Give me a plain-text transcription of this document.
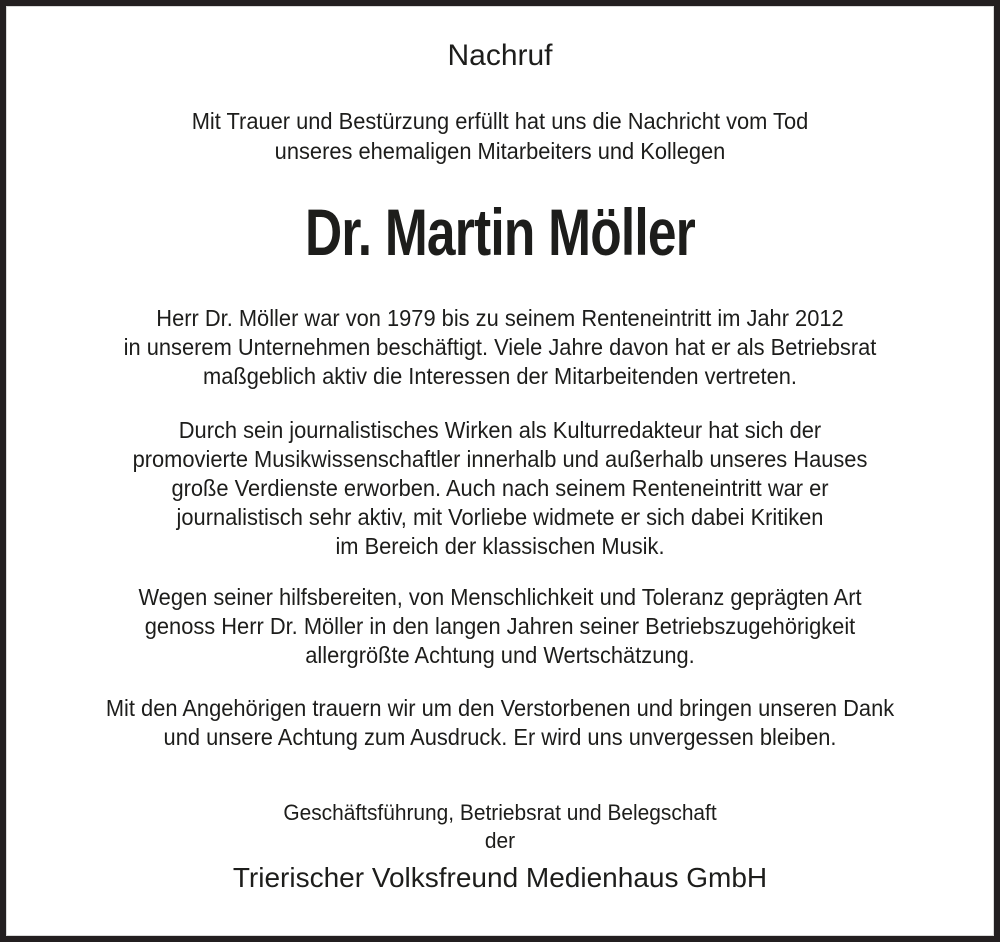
Nachruf

Mit Trauer und Bestürzung erfüllt hat uns die Nachricht vom Tod
unseres ehemaligen Mitarbeiters und Kollegen

Dr. Martin Möller

Herr Dr. Möller war von 1979 bis zu seinem Renteneintritt im Jahr 2012
in unserem Unternehmen beschäftigt. Viele Jahre davon hat er als Betriebsrat
maßgeblich aktiv die Interessen der Mitarbeitenden vertreten.

Durch sein journalistisches Wirken als Kulturredakteur hat sich der
promovierte Musikwissenschaftler innerhalb und außerhalb unseres Hauses
große Verdienste erworben. Auch nach seinem Renteneintritt war er
journalistisch sehr aktiv, mit Vorliebe widmete er sich dabei Kritiken
im Bereich der klassischen Musik.

Wegen seiner hilfsbereiten, von Menschlichkeit und Toleranz geprägten Art
genoss Herr Dr. Möller in den langen Jahren seiner Betriebszugehörigkeit
allergrößte Achtung und Wertschätzung.

Mit den Angehörigen trauern wir um den Verstorbenen und bringen unseren Dank
und unsere Achtung zum Ausdruck. Er wird uns unvergessen bleiben.

Geschäftsführung, Betriebsrat und Belegschaft
der
Trierischer Volksfreund Medienhaus GmbH
